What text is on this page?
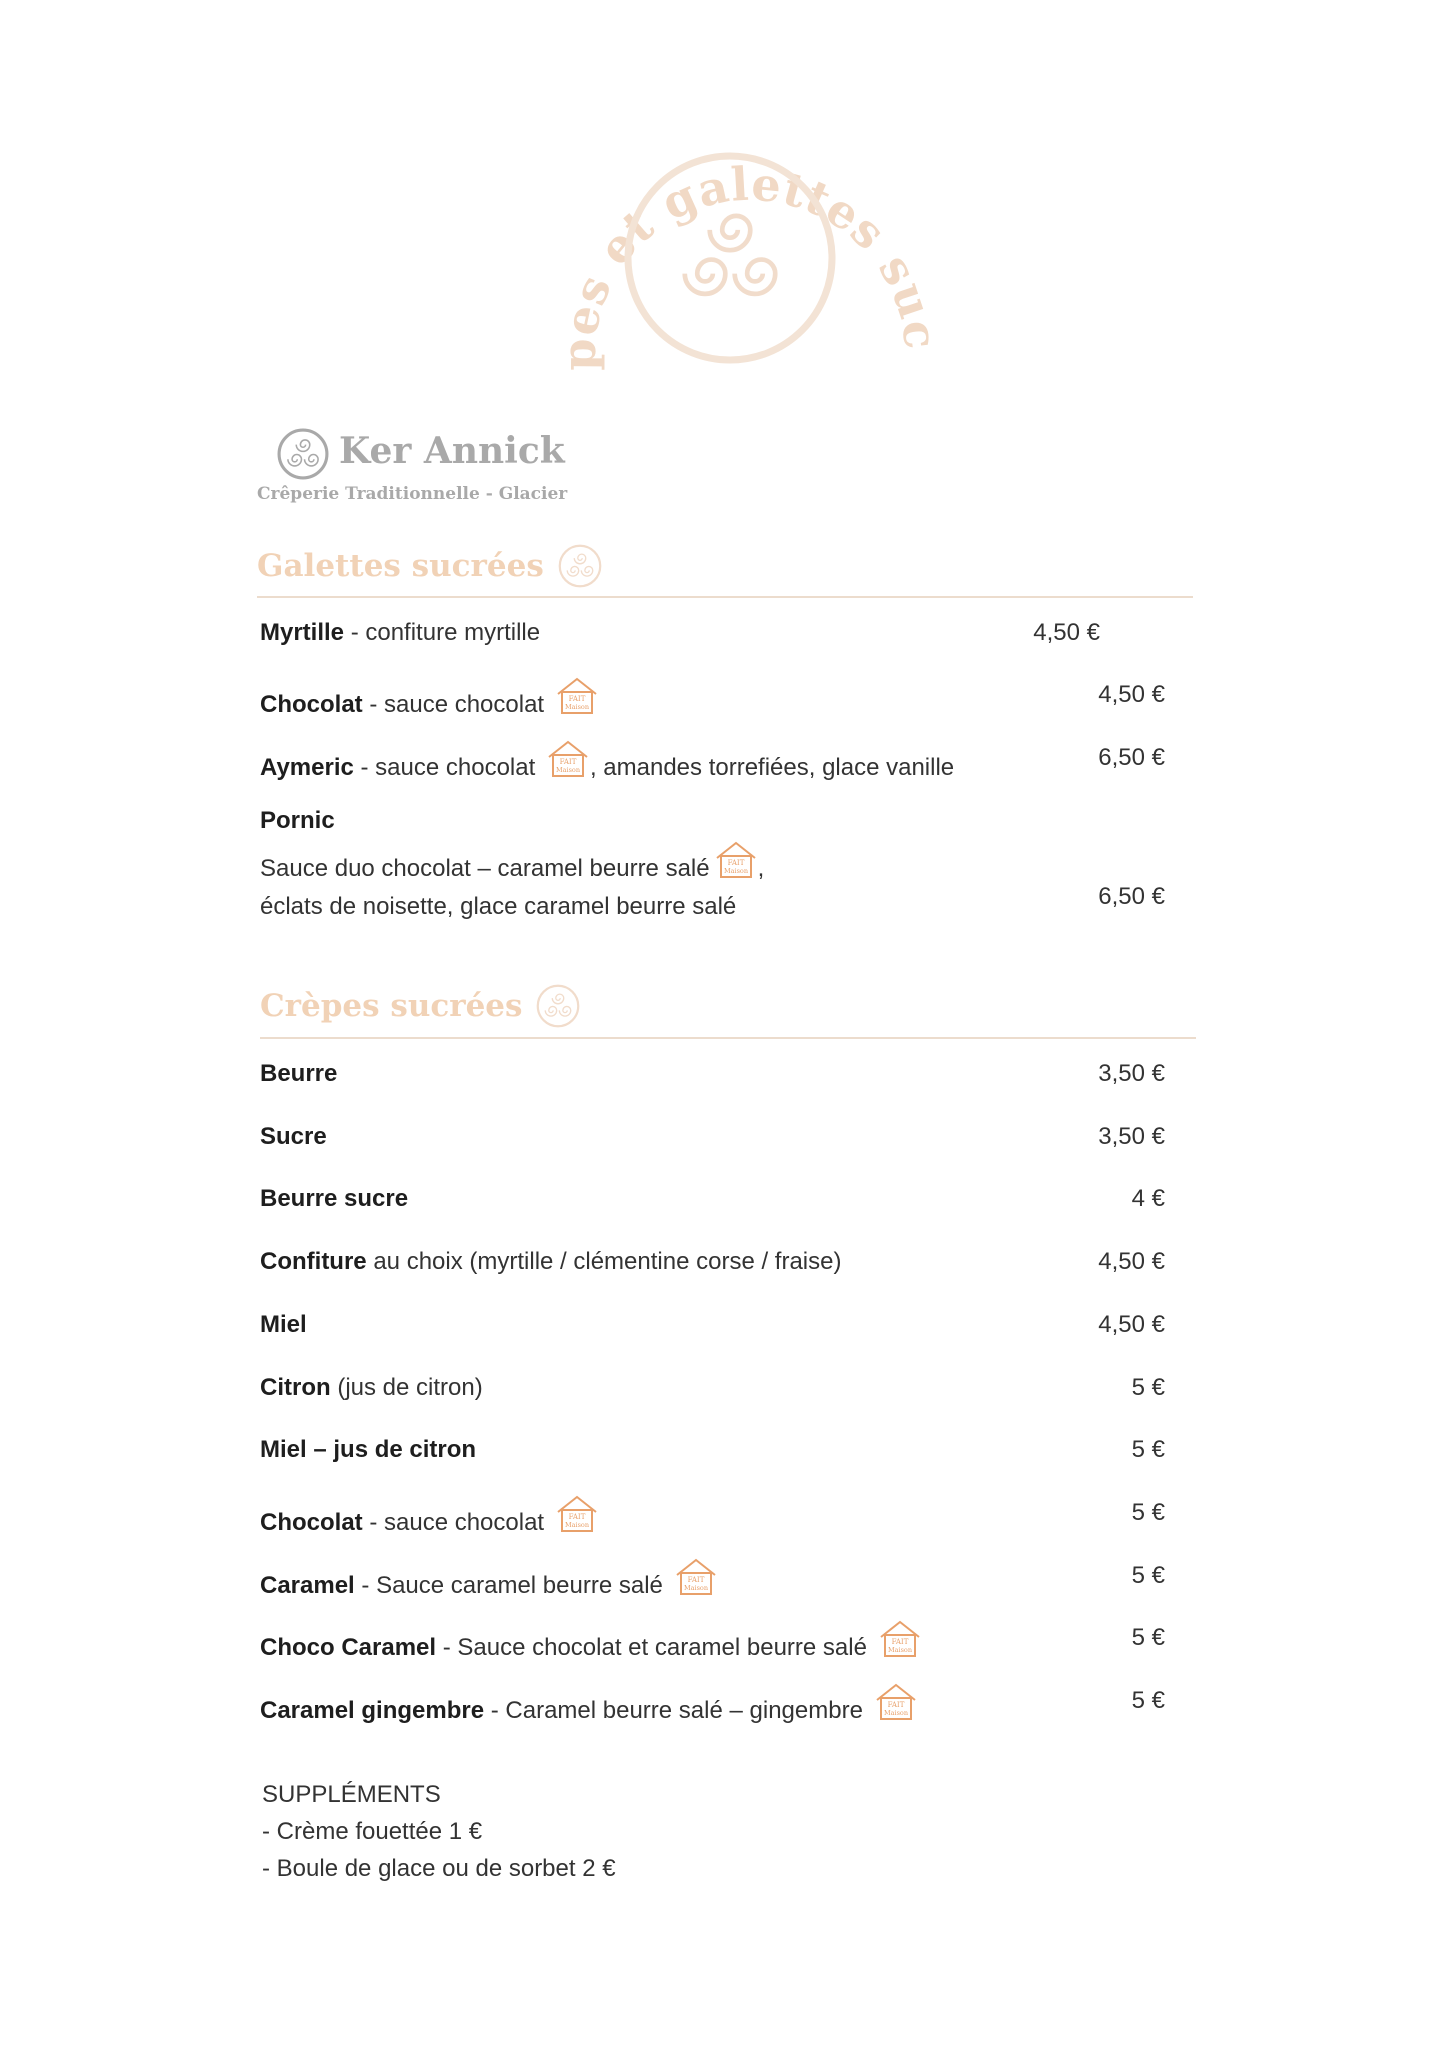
s et galettes s
Ker Annick
Crêperie Traditionnelle - Glacier
Galettes sucrées
Myrtille - confiture myrtille	4,50 €
Chocolat - sauce chocolat	4,50 €
Aymeric - sauce chocolat , amandes torrefiées, glace vanille	6,50 €
Pornic
Sauce duo chocolat – caramel beurre salé ,
éclats de noisette, glace caramel beurre salé	6,50 €
Crèpes sucrées
Beurre	3,50 €
Sucre	3,50 €
Beurre sucre	4 €
Confiture au choix (myrtille / clémentine corse / fraise)	4,50 €
Miel	4,50 €
Citron (jus de citron)	5 €
Miel – jus de citron	5 €
Chocolat - sauce chocolat	5 €
Caramel - Sauce caramel beurre salé	5 €
Choco Caramel - Sauce chocolat et caramel beurre salé	5 €
Caramel gingembre - Caramel beurre salé – gingembre	5 €
SUPPLÉMENTS
- Crème fouettée 1 €
- Boule de glace ou de sorbet 2 €
